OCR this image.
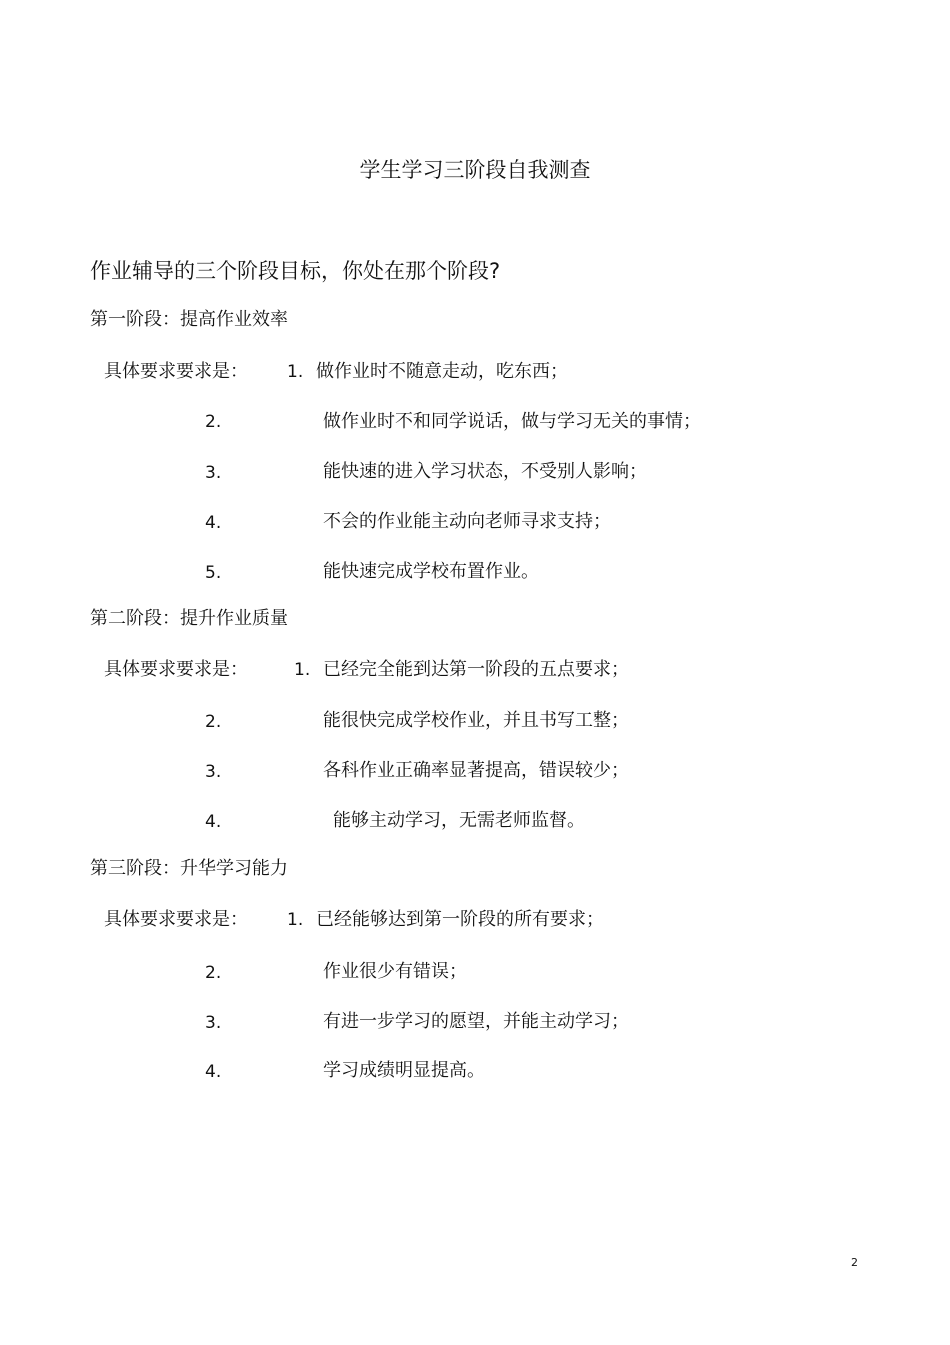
学生学习三阶段自我测查
作业辅导的三个阶段目标，你处在那个阶段?
第一阶段：提高作业效率
具体要求要求是： 1. 做作业时不随意走动，吃东西；
2.	做作业时不和同学说话，做与学习无关的事情；
3.	能快速的进入学习状态，不受别人影响；
4.	不会的作业能主动向老师寻求支持；
5.	能快速完成学校布置作业。
第二阶段：提升作业质量
具体要求要求是：	1. 已经完全能到达第一阶段的五点要求；
2.	能很快完成学校作业，并且书写工整；
3.	各科作业正确率显著提高，错误较少；
4.	能够主动学习，无需老师监督。
第三阶段：升华学习能力
具体要求要求是： 1. 已经能够达到第一阶段的所有要求；
2.	作业很少有错误；
3.	有进一步学习的愿望，并能主动学习；
4.	学习成绩明显提高。
2
